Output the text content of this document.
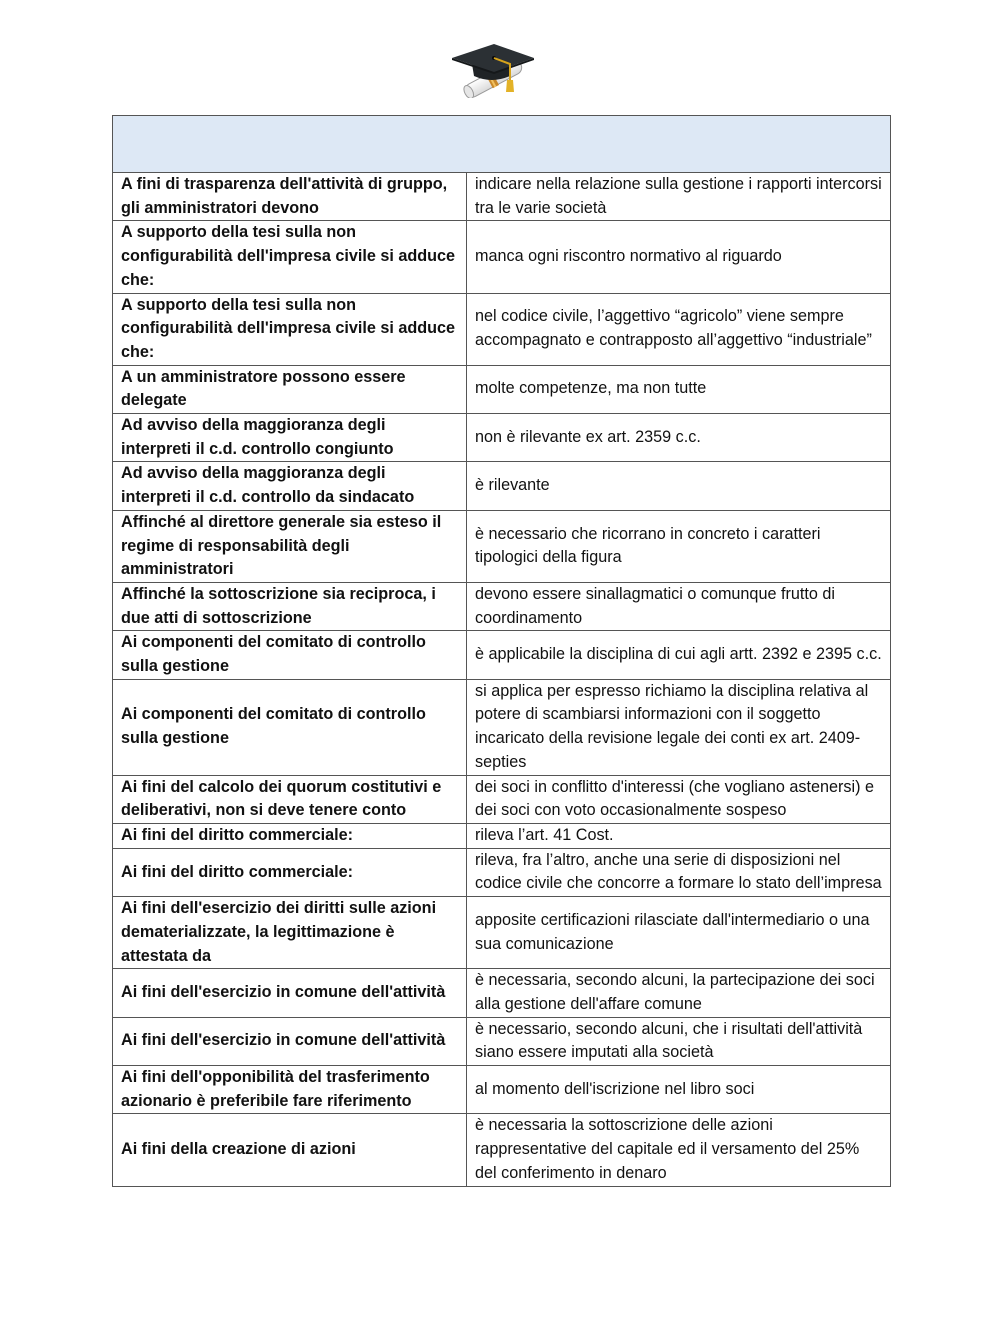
A fini di trasparenza dell'attività di gruppo, gli amministratori devono	indicare nella relazione sulla gestione i rapporti intercorsi tra le varie società
A supporto della tesi sulla non configurabilità dell'impresa civile si adduce che:	manca ogni riscontro normativo al riguardo
A supporto della tesi sulla non configurabilità dell'impresa civile si adduce che:	nel codice civile, l’aggettivo “agricolo” viene sempre accompagnato e contrapposto all’aggettivo “industriale”
A un amministratore possono essere delegate	molte competenze, ma non tutte
Ad avviso della maggioranza degli interpreti il c.d. controllo congiunto	non è rilevante ex art. 2359 c.c.
Ad avviso della maggioranza degli interpreti il c.d. controllo da sindacato	è rilevante
Affinché al direttore generale sia esteso il regime di responsabilità degli amministratori	è necessario che ricorrano in concreto i caratteri tipologici della figura
Affinché la sottoscrizione sia reciproca, i due atti di sottoscrizione	devono essere sinallagmatici o comunque frutto di coordinamento
Ai componenti del comitato di controllo sulla gestione	è applicabile la disciplina di cui agli artt. 2392 e 2395 c.c.
Ai componenti del comitato di controllo sulla gestione	si applica per espresso richiamo la disciplina relativa al potere di scambiarsi informazioni con il soggetto incaricato della revisione legale dei conti ex art. 2409-septies
Ai fini del calcolo dei quorum costitutivi e deliberativi, non si deve tenere conto	dei soci in conflitto d'interessi (che vogliano astenersi) e dei soci con voto occasionalmente sospeso
Ai fini del diritto commerciale:	rileva l’art. 41 Cost.
Ai fini del diritto commerciale:	rileva, fra l’altro, anche una serie di disposizioni nel codice civile che concorre a formare lo stato dell’impresa
Ai fini dell'esercizio dei diritti sulle azioni dematerializzate, la legittimazione è attestata da	apposite certificazioni rilasciate dall'intermediario o una sua comunicazione
Ai fini dell'esercizio in comune dell'attività	è necessaria, secondo alcuni, la partecipazione dei soci alla gestione dell'affare comune
Ai fini dell'esercizio in comune dell'attività	è necessario, secondo alcuni, che i risultati dell'attività siano essere imputati alla società
Ai fini dell'opponibilità del trasferimento azionario è preferibile fare riferimento	al momento dell'iscrizione nel libro soci
Ai fini della creazione di azioni	è necessaria la sottoscrizione delle azioni rappresentative del capitale ed il versamento del 25% del conferimento in denaro
